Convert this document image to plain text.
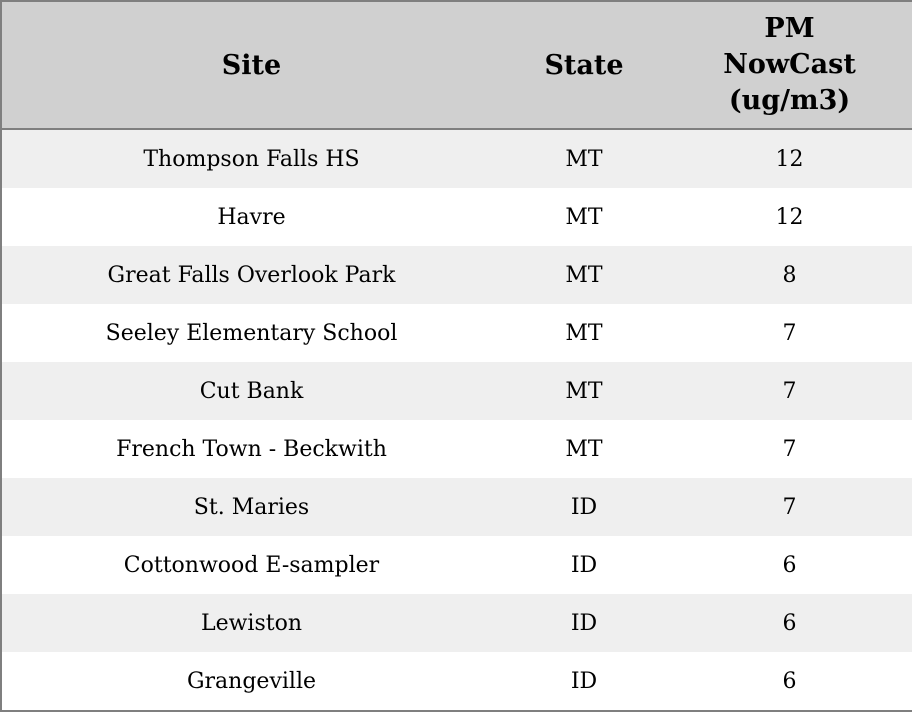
Site	State	PM
NowCast
(ug/m3)

Thompson Falls HS	MT	12
Havre	MT	12
Great Falls Overlook Park	MT	8
Seeley Elementary School	MT	7
Cut Bank	MT	7
French Town - Beckwith	MT	7
St. Maries	ID	7
Cottonwood E-sampler	ID	6
Lewiston	ID	6
Grangeville	ID	6
